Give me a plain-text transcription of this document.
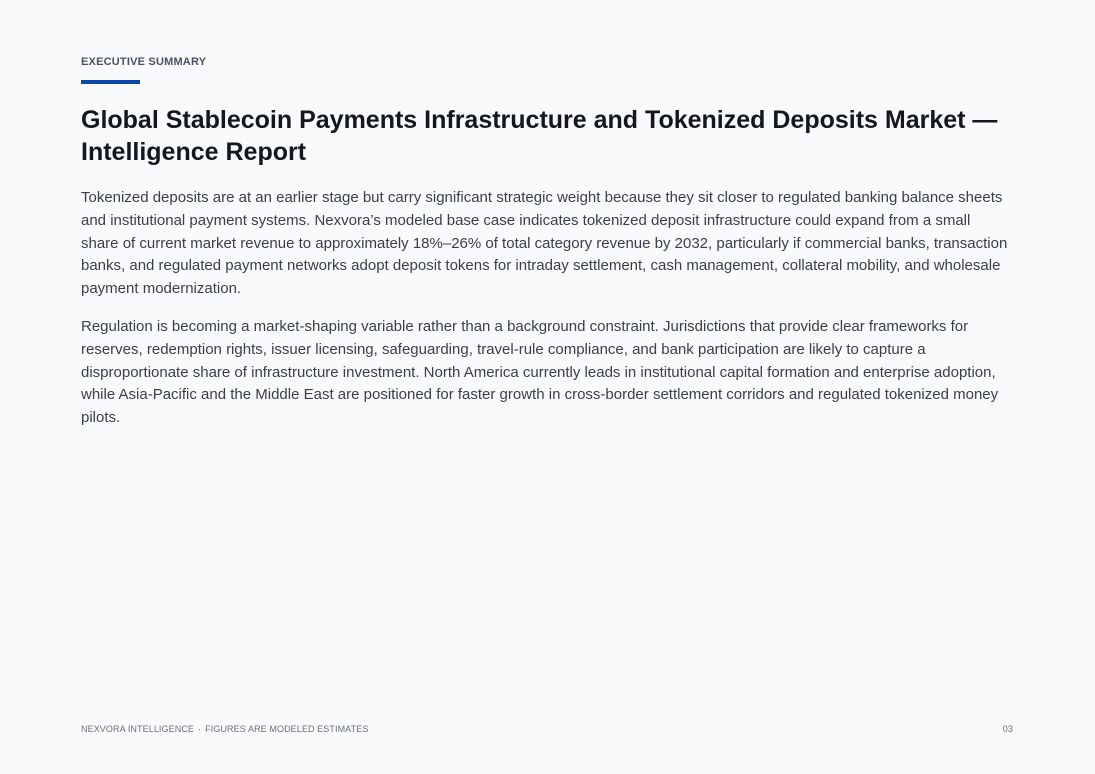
EXECUTIVE SUMMARY
Global Stablecoin Payments Infrastructure and Tokenized Deposits Market — Intelligence Report

Tokenized deposits are at an earlier stage but carry significant strategic weight because they sit closer to regulated banking balance sheets and institutional payment systems. Nexvora’s modeled base case indicates tokenized deposit infrastructure could expand from a small share of current market revenue to approximately 18%–26% of total category revenue by 2032, particularly if commercial banks, transaction banks, and regulated payment networks adopt deposit tokens for intraday settlement, cash management, collateral mobility, and wholesale payment modernization.

Regulation is becoming a market-shaping variable rather than a background constraint. Jurisdictions that provide clear frameworks for reserves, redemption rights, issuer licensing, safeguarding, travel-rule compliance, and bank participation are likely to capture a disproportionate share of infrastructure investment. North America currently leads in institutional capital formation and enterprise adoption, while Asia-Pacific and the Middle East are positioned for faster growth in cross-border settlement corridors and regulated tokenized money pilots.

NEXVORA INTELLIGENCE · FIGURES ARE MODELED ESTIMATES	03
